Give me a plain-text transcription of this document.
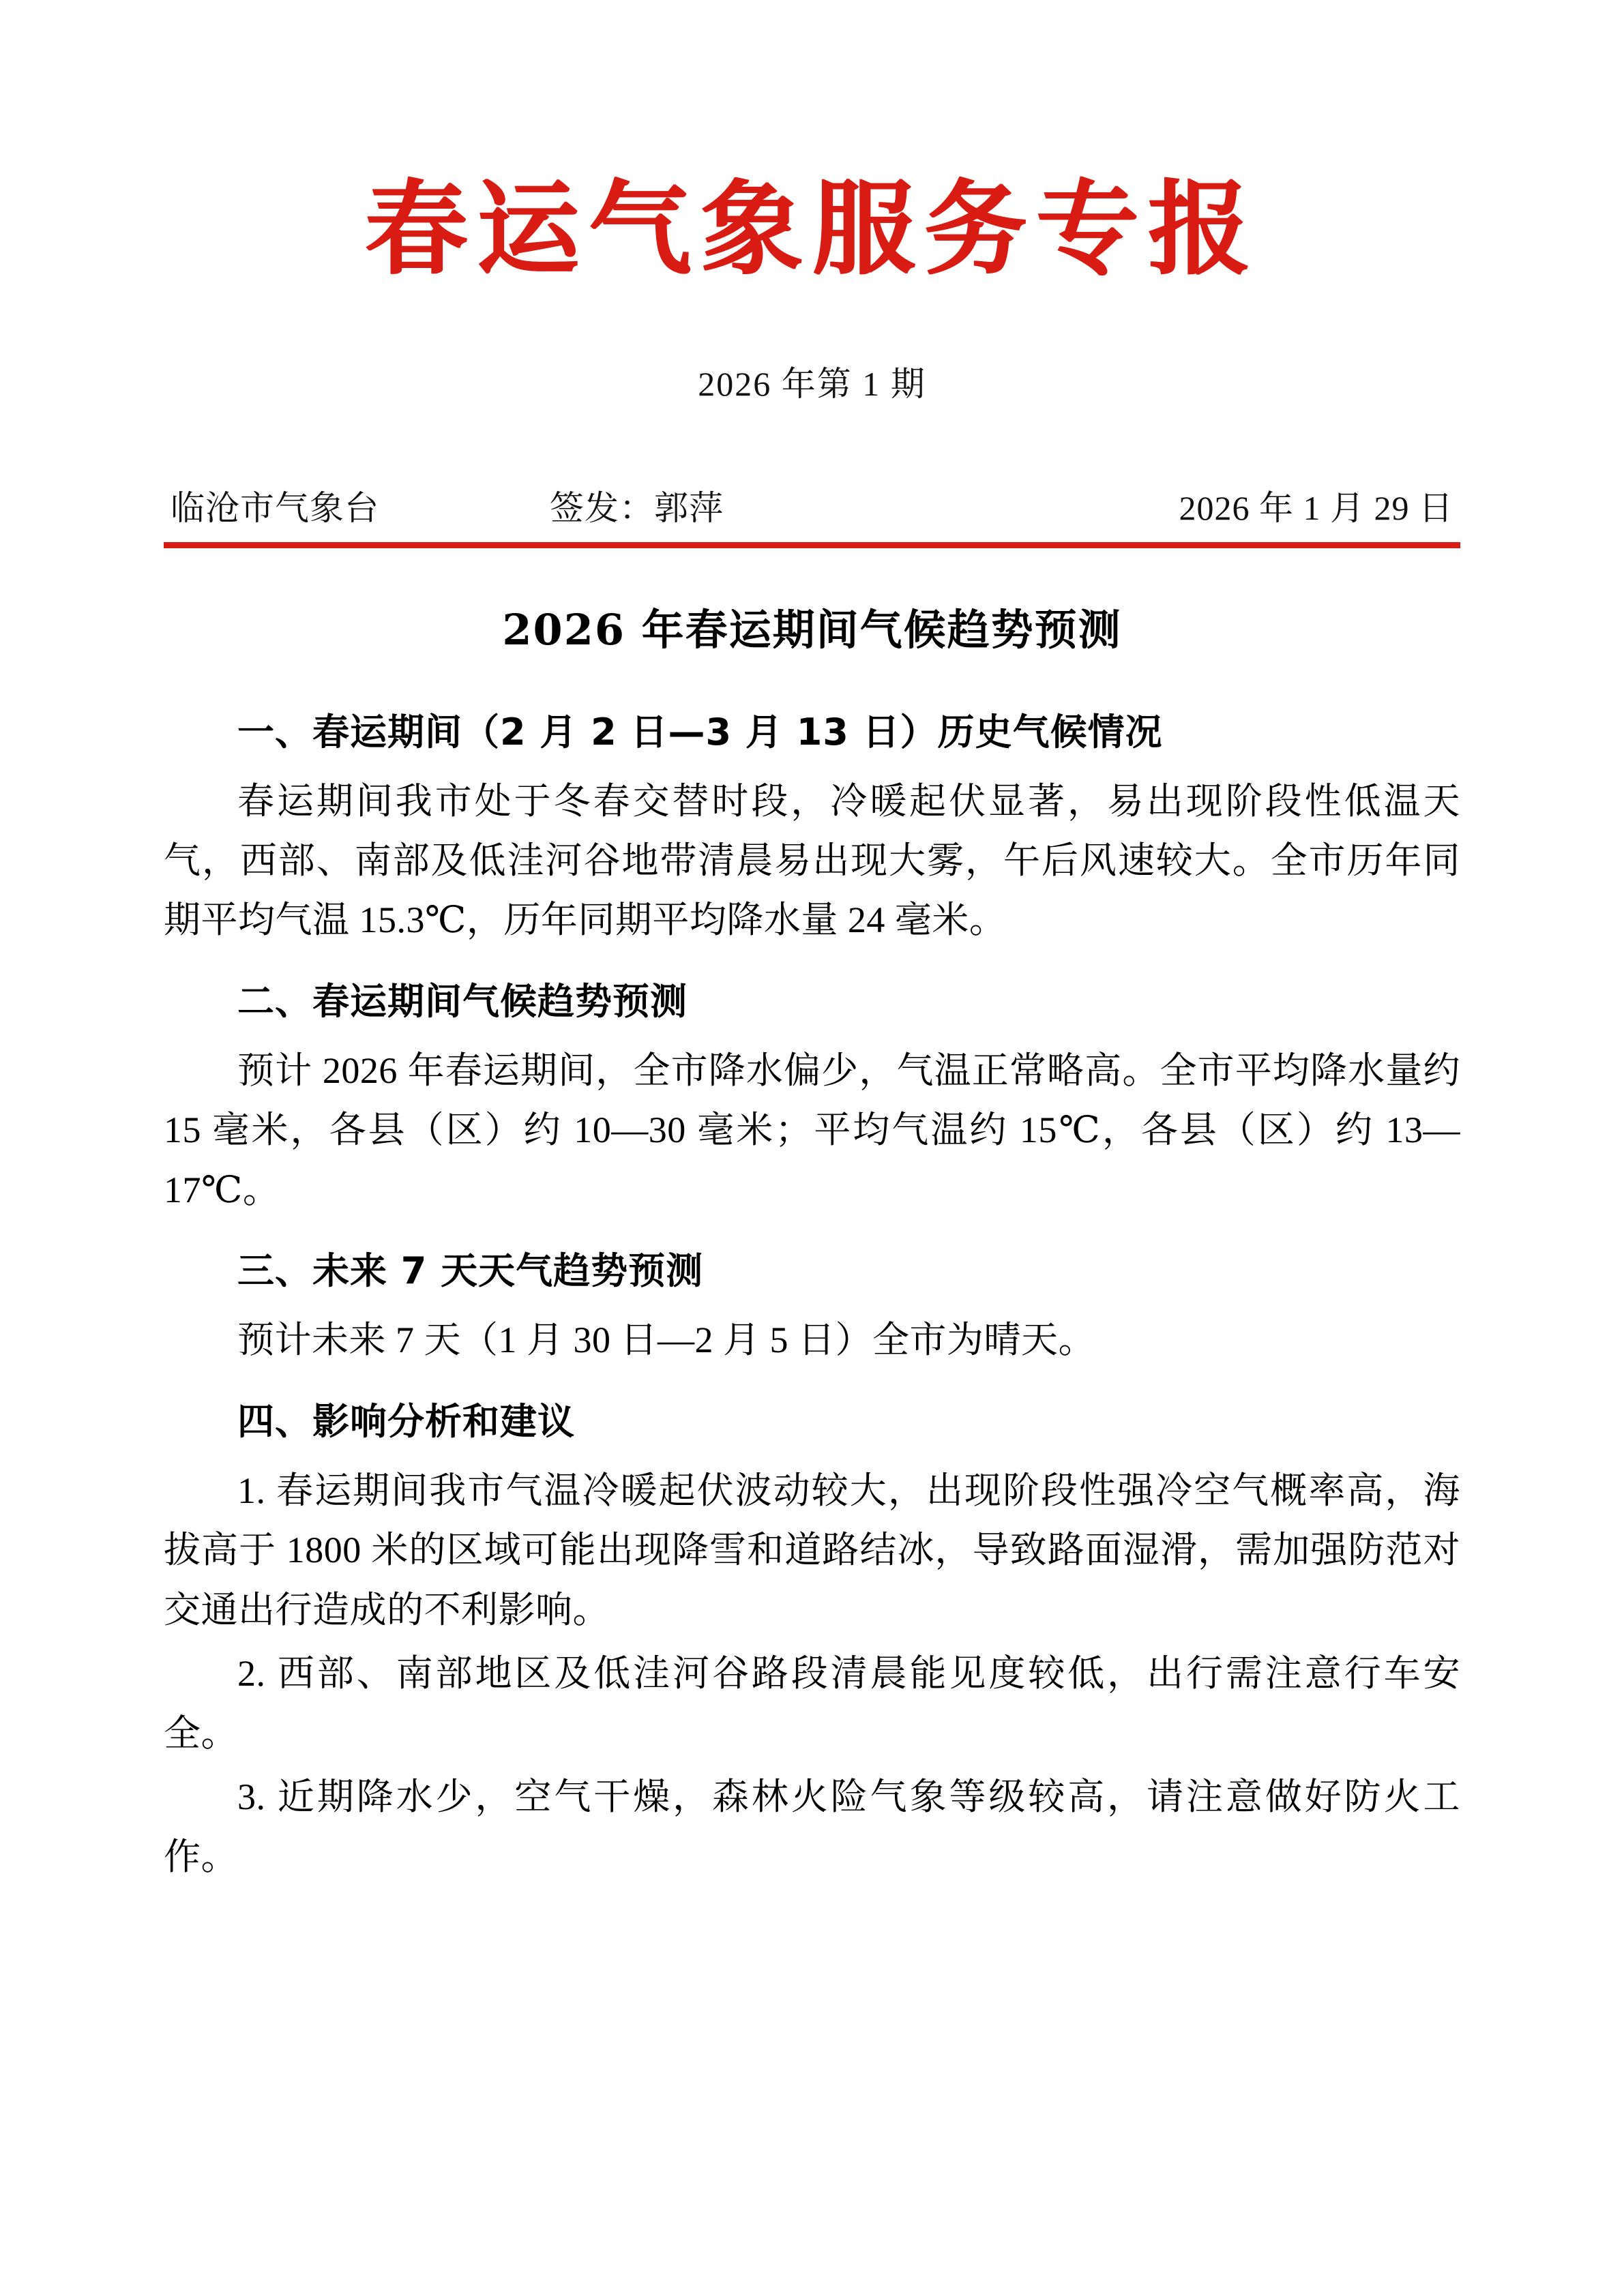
春运气象服务专报
2026 年第 1 期
临沧市气象台	签发：郭萍	2026 年 1 月 29 日
2026 年春运期间气候趋势预测
一、春运期间（2 月 2 日—3 月 13 日）历史气候情况
春运期间我市处于冬春交替时段，冷暖起伏显著，易出现阶段性低温天气，西部、南部及低洼河谷地带清晨易出现大雾，午后风速较大。全市历年同期平均气温 15.3℃，历年同期平均降水量 24 毫米。
二、春运期间气候趋势预测
预计 2026 年春运期间，全市降水偏少，气温正常略高。全市平均降水量约 15 毫米，各县（区）约 10—30 毫米；平均气温约 15℃，各县（区）约 13—17℃。
三、未来 7 天天气趋势预测
预计未来 7 天（1 月 30 日—2 月 5 日）全市为晴天。
四、影响分析和建议
1. 春运期间我市气温冷暖起伏波动较大，出现阶段性强冷空气概率高，海拔高于 1800 米的区域可能出现降雪和道路结冰，导致路面湿滑，需加强防范对交通出行造成的不利影响。
2. 西部、南部地区及低洼河谷路段清晨能见度较低，出行需注意行车安全。
3. 近期降水少，空气干燥，森林火险气象等级较高，请注意做好防火工作。
